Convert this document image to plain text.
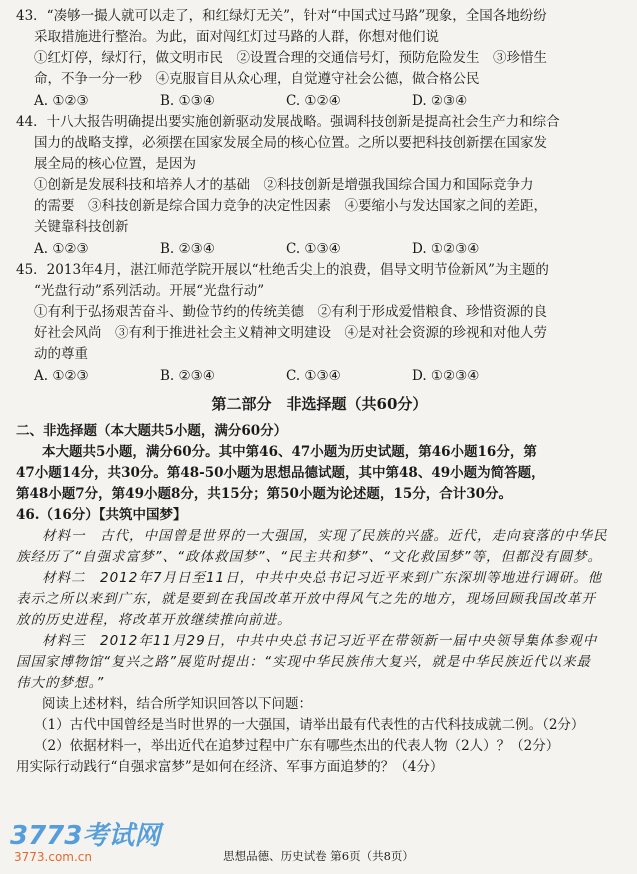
43．“凑够一撮人就可以走了，和红绿灯无关”，针对“中国式过马路”现象，全国各地纷纷
采取措施进行整治。为此，面对闯红灯过马路的人群，你想对他们说
①红灯停，绿灯行，做文明市民　②设置合理的交通信号灯，预防危险发生　③珍惜生
命，不争一分一秒　④克服盲目从众心理，自觉遵守社会公德，做合格公民
A. ①②③	B. ①③④	C. ①②④	D. ②③④
44．十八大报告明确提出要实施创新驱动发展战略。强调科技创新是提高社会生产力和综合
国力的战略支撑，必须摆在国家发展全局的核心位置。之所以要把科技创新摆在国家发
展全局的核心位置，是因为
①创新是发展科技和培养人才的基础　②科技创新是增强我国综合国力和国际竞争力
的需要　③科技创新是综合国力竞争的决定性因素　④要缩小与发达国家之间的差距，
关键靠科技创新
A. ①②③	B. ②③④	C. ①③④	D. ①②③④
45．2013年4月，湛江师范学院开展以“杜绝舌尖上的浪费，倡导文明节俭新风”为主题的
“光盘行动”系列活动。开展“光盘行动”
①有利于弘扬艰苦奋斗、勤俭节约的传统美德　②有利于形成爱惜粮食、珍惜资源的良
好社会风尚　③有利于推进社会主义精神文明建设　④是对社会资源的珍视和对他人劳
动的尊重
A. ①②③	B. ②③④	C. ①③④	D. ①②③④
第二部分　非选择题（共60分）
二、非选择题（本大题共5小题，满分60分）
本大题共5小题，满分60分。其中第46、47小题为历史试题，第46小题16分，第
47小题14分，共30分。第48-50小题为思想品德试题，其中第48、49小题为简答题，
第48小题7分，第49小题8分，共15分；第50小题为论述题，15分，合计30分。
46.（16分）【共筑中国梦】
材料一　古代，中国曾是世界的一大强国，实现了民族的兴盛。近代，走向衰落的中华民
族经历了“自强求富梦”、“政体救国梦”、“民主共和梦”、“文化救国梦”等，但都没有圆梦。
材料二　2012年7月日至11日，中共中央总书记习近平来到广东深圳等地进行调研。他
表示之所以来到广东，就是要到在我国改革开放中得风气之先的地方，现场回顾我国改革开
放的历史进程，将改革开放继续推向前进。
材料三　2012年11月29日，中共中央总书记习近平在带领新一届中央领导集体参观中
国国家博物馆“复兴之路”展览时提出：“实现中华民族伟大复兴，就是中华民族近代以来最
伟大的梦想。”
阅读上述材料，结合所学知识回答以下问题：
（1）古代中国曾经是当时世界的一大强国，请举出最有代表性的古代科技成就二例。（2分）
（2）依据材料一，举出近代在追梦过程中广东有哪些杰出的代表人物（2人）？（2分）
用实际行动践行“自强求富梦”是如何在经济、军事方面追梦的？（4分）
3773考试网
3773.com.cn	思想品德、历史试卷 第6页（共8页）
